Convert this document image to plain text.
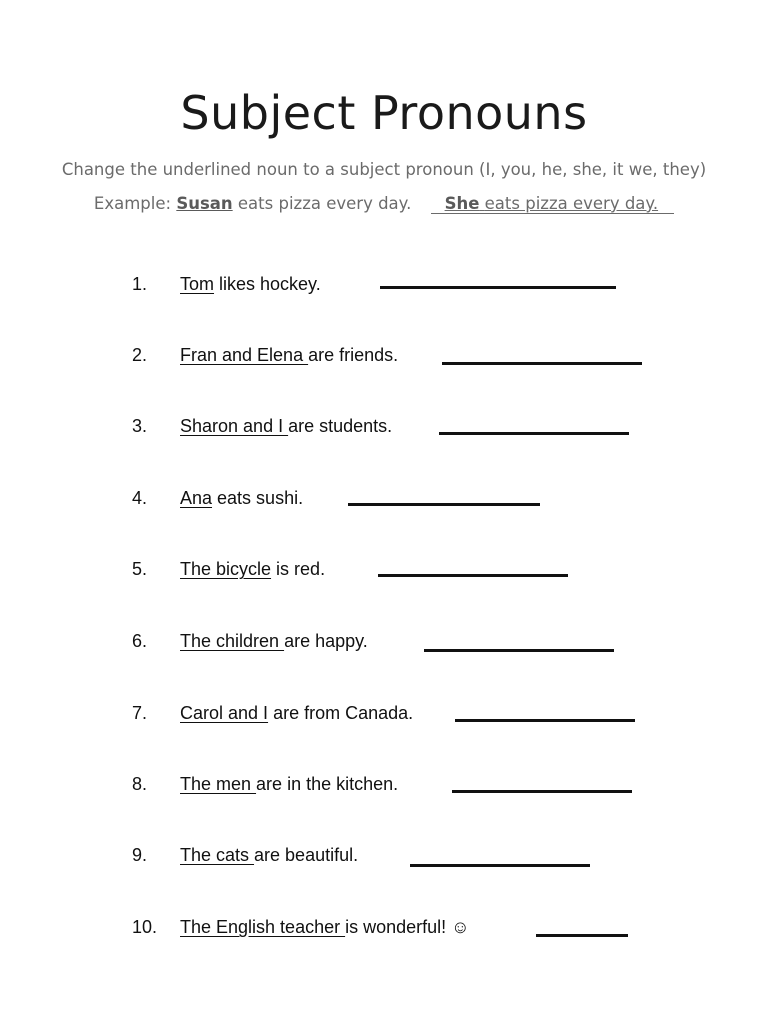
Subject Pronouns
Change the underlined noun to a subject pronoun (I, you, he, she, it we, they)
Example: Susan eats pizza every day. She eats pizza every day.
1. Tom likes hockey.
2. Fran and Elena are friends.
3. Sharon and I are students.
4. Ana eats sushi.
5. The bicycle is red.
6. The children are happy.
7. Carol and I are from Canada.
8. The men are in the kitchen.
9. The cats are beautiful.
10. The English teacher is wonderful! ☺
